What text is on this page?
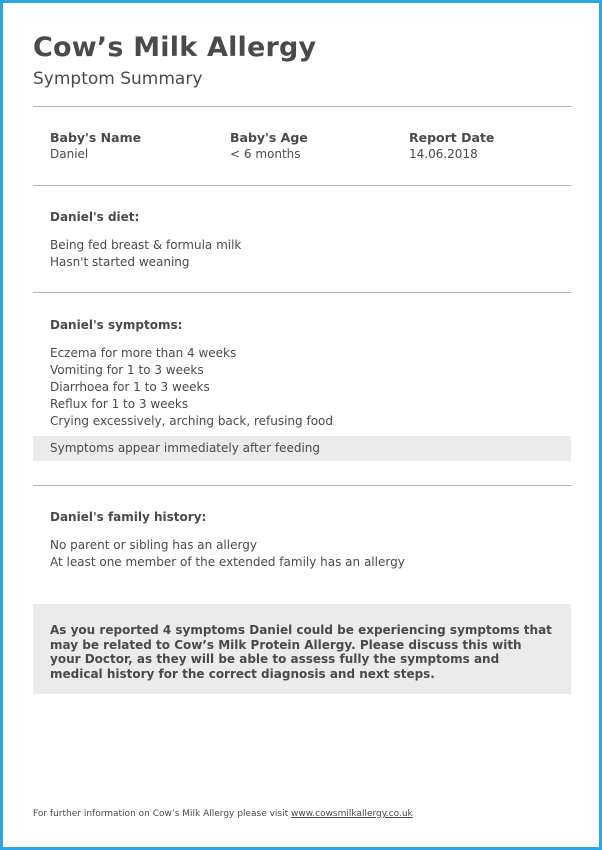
Cow’s Milk Allergy
Symptom Summary
Baby's Name
Daniel
Baby's Age
< 6 months
Report Date
14.06.2018
Daniel's diet:
Being fed breast & formula milk
Hasn't started weaning
Daniel's symptoms:
Eczema for more than 4 weeks
Vomiting for 1 to 3 weeks
Diarrhoea for 1 to 3 weeks
Reflux for 1 to 3 weeks
Crying excessively, arching back, refusing food
Symptoms appear immediately after feeding
Daniel's family history:
No parent or sibling has an allergy
At least one member of the extended family has an allergy
As you reported 4 symptoms Daniel could be experiencing symptoms that may be related to Cow’s Milk Protein Allergy. Please discuss this with your Doctor, as they will be able to assess fully the symptoms and medical history for the correct diagnosis and next steps.
For further information on Cow’s Milk Allergy please visit www.cowsmilkallergy.co.uk
